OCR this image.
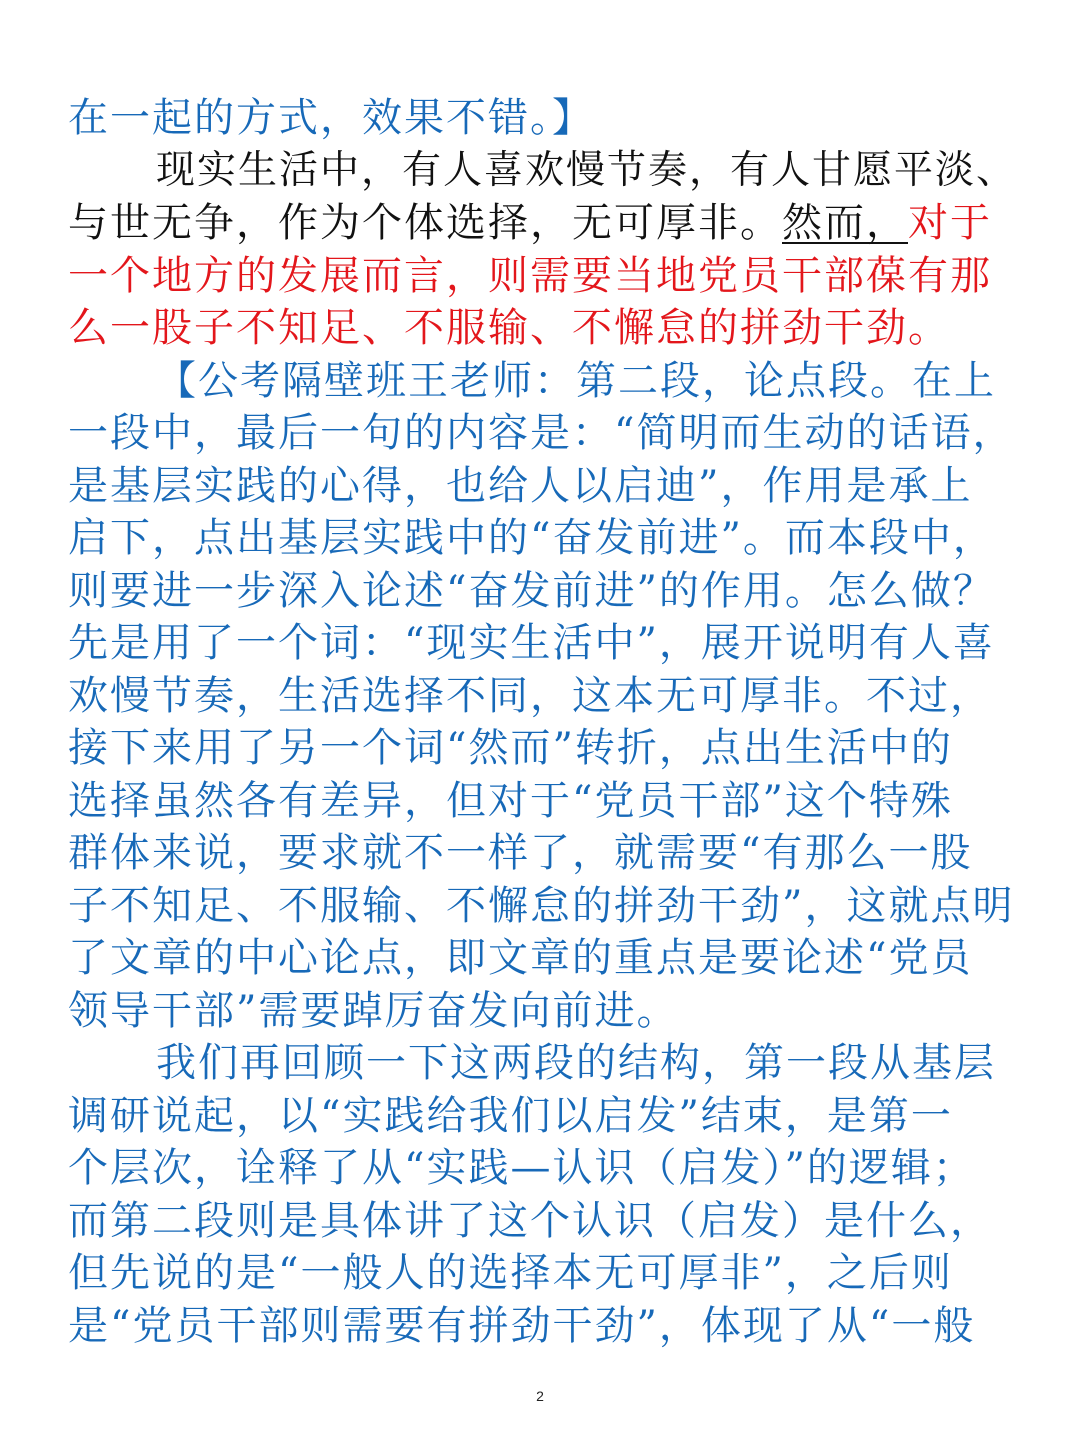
在一起的方式，效果不错。】
现实生活中，有人喜欢慢节奏，有人甘愿平淡、
与世无争，作为个体选择，无可厚非。然而，对于
一个地方的发展而言，则需要当地党员干部葆有那
么一股子不知足、不服输、不懈怠的拼劲干劲。
【公考隔壁班王老师：第二段，论点段。在上
一段中，最后一句的内容是：“简明而生动的话语，
是基层实践的心得，也给人以启迪”，作用是承上
启下，点出基层实践中的“奋发前进”。而本段中，
则要进一步深入论述“奋发前进”的作用。怎么做？
先是用了一个词：“现实生活中”，展开说明有人喜
欢慢节奏，生活选择不同，这本无可厚非。不过，
接下来用了另一个词“然而”转折，点出生活中的
选择虽然各有差异，但对于“党员干部”这个特殊
群体来说，要求就不一样了，就需要“有那么一股
子不知足、不服输、不懈怠的拼劲干劲”，这就点明
了文章的中心论点，即文章的重点是要论述“党员
领导干部”需要踔厉奋发向前进。
我们再回顾一下这两段的结构，第一段从基层
调研说起，以“实践给我们以启发”结束，是第一
个层次，诠释了从“实践—认识（启发）”的逻辑；
而第二段则是具体讲了这个认识（启发）是什么，
但先说的是“一般人的选择本无可厚非”，之后则
是“党员干部则需要有拼劲干劲”，体现了从“一般
2
